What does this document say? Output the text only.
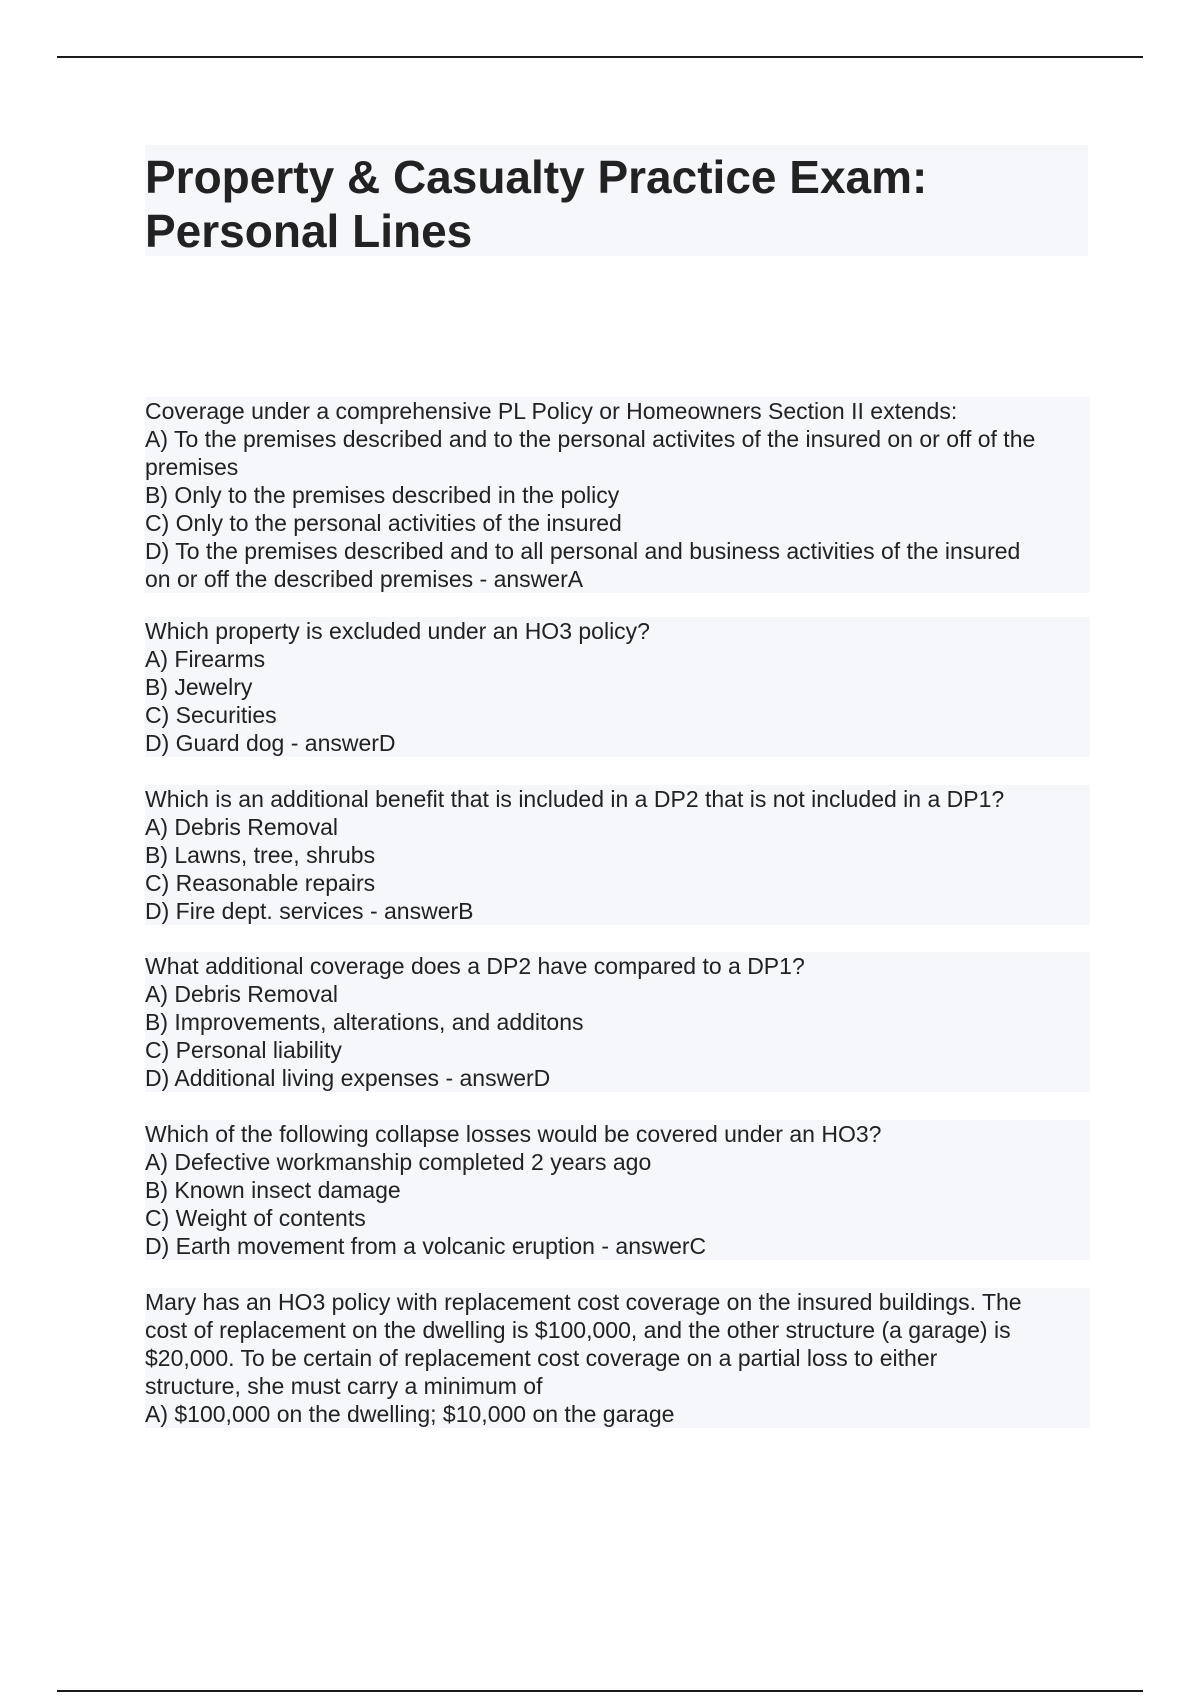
Property & Casualty Practice Exam:
Personal Lines
Coverage under a comprehensive PL Policy or Homeowners Section II extends:
A) To the premises described and to the personal activites of the insured on or off of the
premises
B) Only to the premises described in the policy
C) Only to the personal activities of the insured
D) To the premises described and to all personal and business activities of the insured
on or off the described premises - answerA
Which property is excluded under an HO3 policy?
A) Firearms
B) Jewelry
C) Securities
D) Guard dog - answerD
Which is an additional benefit that is included in a DP2 that is not included in a DP1?
A) Debris Removal
B) Lawns, tree, shrubs
C) Reasonable repairs
D) Fire dept. services - answerB
What additional coverage does a DP2 have compared to a DP1?
A) Debris Removal
B) Improvements, alterations, and additons
C) Personal liability
D) Additional living expenses - answerD
Which of the following collapse losses would be covered under an HO3?
A) Defective workmanship completed 2 years ago
B) Known insect damage
C) Weight of contents
D) Earth movement from a volcanic eruption - answerC
Mary has an HO3 policy with replacement cost coverage on the insured buildings. The
cost of replacement on the dwelling is $100,000, and the other structure (a garage) is
$20,000. To be certain of replacement cost coverage on a partial loss to either
structure, she must carry a minimum of
A) $100,000 on the dwelling; $10,000 on the garage
